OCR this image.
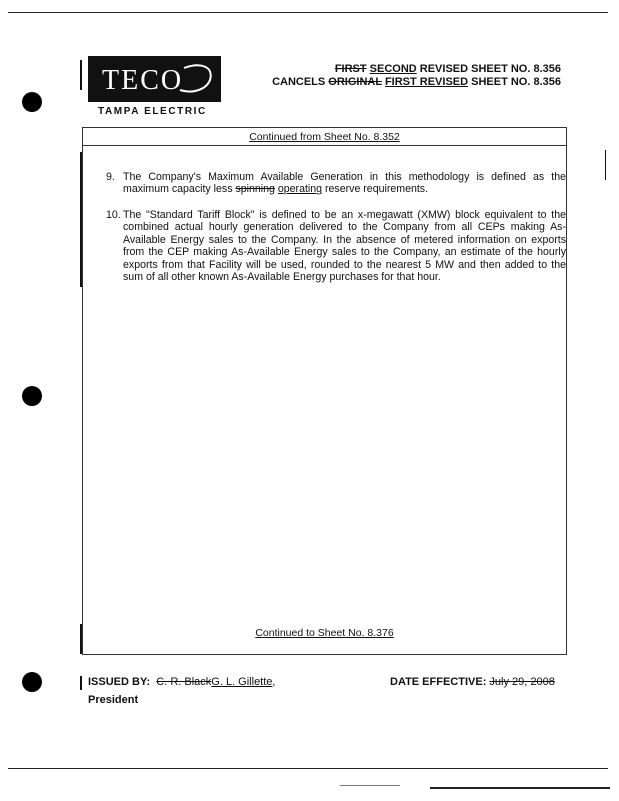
TECO
TAMPA ELECTRIC
FIRST SECOND REVISED SHEET NO. 8.356
CANCELS ORIGINAL FIRST REVISED SHEET NO. 8.356
Continued from Sheet No. 8.352
9. The Company's Maximum Available Generation in this methodology is defined as the maximum capacity less spinning operating reserve requirements.
10. The "Standard Tariff Block" is defined to be an x-megawatt (XMW) block equivalent to the combined actual hourly generation delivered to the Company from all CEPs making As-Available Energy sales to the Company. In the absence of metered information on exports from the CEP making As-Available Energy sales to the Company, an estimate of the hourly exports from that Facility will be used, rounded to the nearest 5 MW and then added to the sum of all other known As-Available Energy purchases for that hour.
Continued to Sheet No. 8.376
ISSUED BY: C. R. BlackG. L. Gillette,
President
DATE EFFECTIVE: July 29, 2008
